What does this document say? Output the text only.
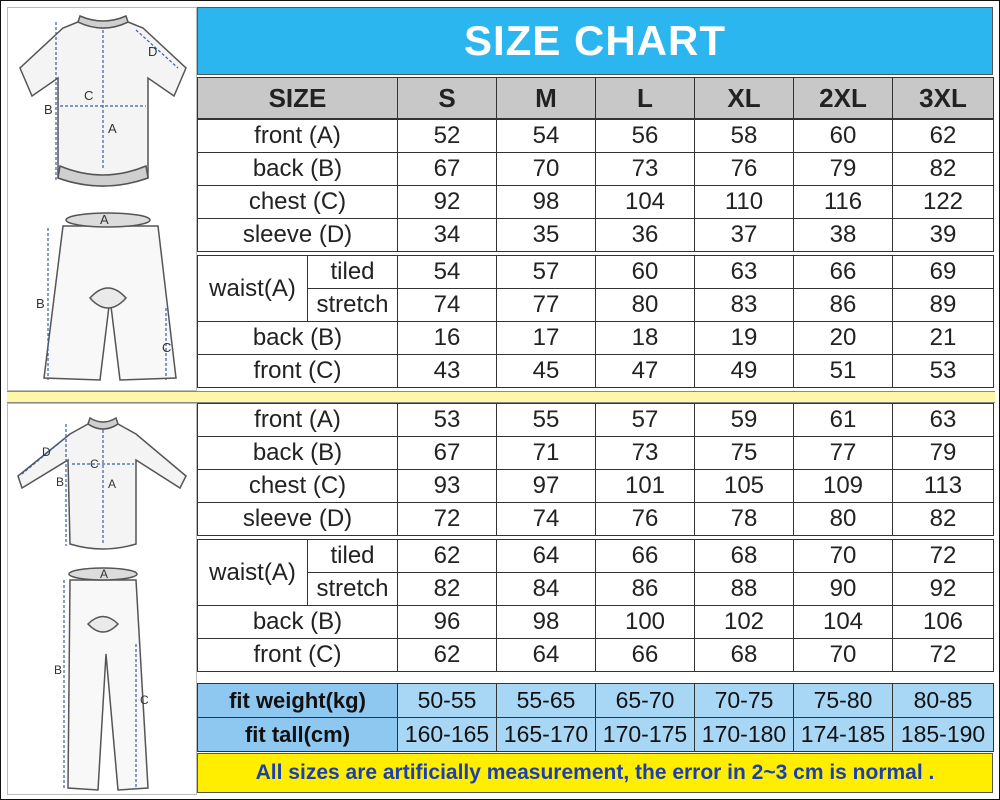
A
B
C
D
A
B
C
A
B
C
D
A
B
C
SIZE CHART
SIZE	S	M	L	XL	2XL	3XL
front (A)		52	54	56	58	60	62
back (B)		67	70	73	76	79	82
chest (C)		92	98	104	110	116	122
sleeve (D)		34	35	36	37	38	39

waist(A)	tiled	54	57	60	63	66	69
	stretch	74	77	80	83	86	89
back (B)		16	17	18	19	20	21
front (C)		43	45	47	49	51	53
front (A)		53	55	57	59	61	63
back (B)		67	71	73	75	77	79
chest (C)		93	97	101	105	109	113
sleeve (D)		72	74	76	78	80	82

waist(A)	tiled	62	64	66	68	70	72
	stretch	82	84	86	88	90	92
back (B)		96	98	100	102	104	106
front (C)		62	64	66	68	70	72
fit weight(kg)	50-55	55-65	65-70	70-75	75-80	80-85
fit tall(cm)	160-165	165-170	170-175	170-180	174-185	185-190
All sizes are artificially measurement, the error in 2~3 cm is normal .
